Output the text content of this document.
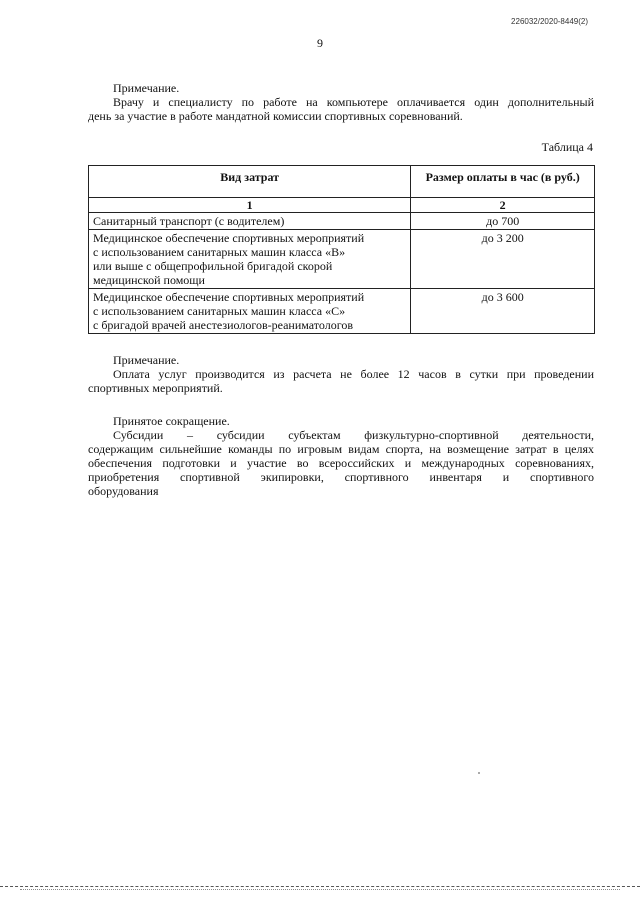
226032/2020-8449(2)
9
Примечание.
Врачу и специалисту по работе на компьютере оплачивается один дополнительный
день за участие в работе мандатной комиссии спортивных соревнований.
Таблица 4
Вид затрат	Размер оплаты в час (в руб.)
1	2

Санитарный транспорт (с водителем)	до 700

Медицинское обеспечение спортивных мероприятий
с использованием санитарных машин класса «В»
или выше с общепрофильной бригадой скорой
медицинской помощи	до 3 200

Медицинское обеспечение спортивных мероприятий
с использованием санитарных машин класса «С»
с бригадой врачей анестезиологов-реаниматологов	до 3 600
Примечание.
Оплата услуг производится из расчета не более 12 часов в сутки при проведении
спортивных мероприятий.
Принятое сокращение.
Субсидии – субсидии субъектам физкультурно-спортивной деятельности,
содержащим сильнейшие команды по игровым видам спорта, на возмещение затрат в целях
обеспечения подготовки и участие во всероссийских и международных соревнованиях,
приобретения спортивной экипировки, спортивного инвентаря и спортивного
оборудования
